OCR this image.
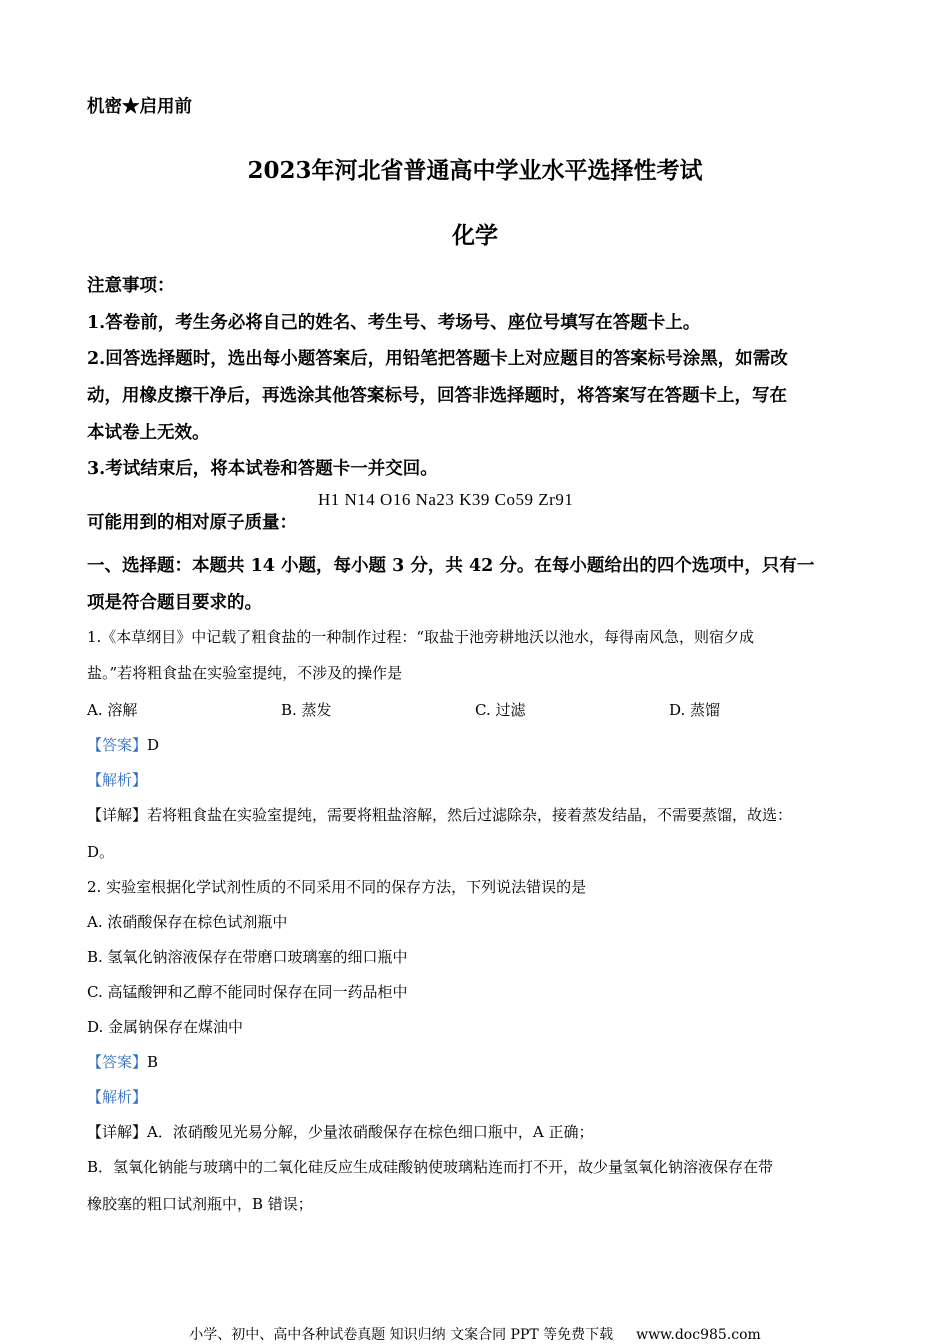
机密★启用前
2023年河北省普通高中学业水平选择性考试
化学
注意事项：
1.答卷前，考生务必将自己的姓名、考生号、考场号、座位号填写在答题卡上。
2.回答选择题时，选出每小题答案后，用铅笔把答题卡上对应题目的答案标号涂黑，如需改
动，用橡皮擦干净后，再选涂其他答案标号，回答非选择题时，将答案写在答题卡上，写在
本试卷上无效。
3.考试结束后，将本试卷和答题卡一并交回。
可能用到的相对原子质量：
H1 N14 O16 Na23 K39 Co59 Zr91
一、选择题：本题共 14 小题，每小题 3 分，共 42 分。在每小题给出的四个选项中，只有一
项是符合题目要求的。
1.《本草纲目》中记载了粗食盐的一种制作过程：“取盐于池旁耕地沃以池水，每得南风急，则宿夕成
盐。”若将粗食盐在实验室提纯，不涉及的操作是
A. 溶解	B. 蒸发	C. 过滤	D. 蒸馏
【答案】D
【解析】
【详解】若将粗食盐在实验室提纯，需要将粗盐溶解，然后过滤除杂，接着蒸发结晶，不需要蒸馏，故选：
D。
2. 实验室根据化学试剂性质的不同采用不同的保存方法，下列说法错误的是
A. 浓硝酸保存在棕色试剂瓶中
B. 氢氧化钠溶液保存在带磨口玻璃塞的细口瓶中
C. 高锰酸钾和乙醇不能同时保存在同一药品柜中
D. 金属钠保存在煤油中
【答案】B
【解析】
【详解】A．浓硝酸见光易分解，少量浓硝酸保存在棕色细口瓶中，A 正确；
B．氢氧化钠能与玻璃中的二氧化硅反应生成硅酸钠使玻璃粘连而打不开，故少量氢氧化钠溶液保存在带
橡胶塞的粗口试剂瓶中，B 错误；
小学、初中、高中各种试卷真题 知识归纳 文案合同 PPT 等免费下载 www.doc985.com
